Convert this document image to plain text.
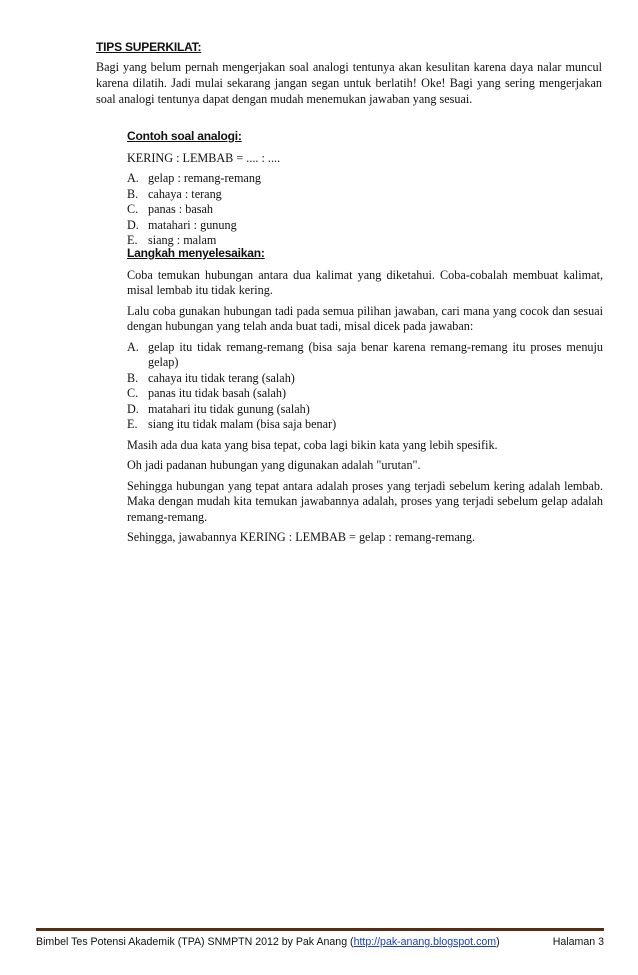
TIPS SUPERKILAT:

Bagi yang belum pernah mengerjakan soal analogi tentunya akan kesulitan karena daya nalar muncul karena dilatih. Jadi mulai sekarang jangan segan untuk berlatih! Oke! Bagi yang sering mengerjakan soal analogi tentunya dapat dengan mudah menemukan jawaban yang sesuai.

Contoh soal analogi:
KERING : LEMBAB = .... : ....
A. gelap : remang-remang
B. cahaya : terang
C. panas : basah
D. matahari : gunung
E. siang : malam
Langkah menyelesaikan:

Coba temukan hubungan antara dua kalimat yang diketahui. Coba-cobalah membuat kalimat, misal lembab itu tidak kering.

Lalu coba gunakan hubungan tadi pada semua pilihan jawaban, cari mana yang cocok dan sesuai dengan hubungan yang telah anda buat tadi, misal dicek pada jawaban:

A. gelap itu tidak remang-remang (bisa saja benar karena remang-remang itu proses menuju gelap)
B. cahaya itu tidak terang (salah)
C. panas itu tidak basah (salah)
D. matahari itu tidak gunung (salah)
E. siang itu tidak malam (bisa saja benar)

Masih ada dua kata yang bisa tepat, coba lagi bikin kata yang lebih spesifik.

Oh jadi padanan hubungan yang digunakan adalah "urutan".

Sehingga hubungan yang tepat antara adalah proses yang terjadi sebelum kering adalah lembab. Maka dengan mudah kita temukan jawabannya adalah, proses yang terjadi sebelum gelap adalah remang-remang.

Sehingga, jawabannya KERING : LEMBAB = gelap : remang-remang.

Bimbel Tes Potensi Akademik (TPA) SNMPTN 2012 by Pak Anang (http://pak-anang.blogspot.com)	Halaman 3
